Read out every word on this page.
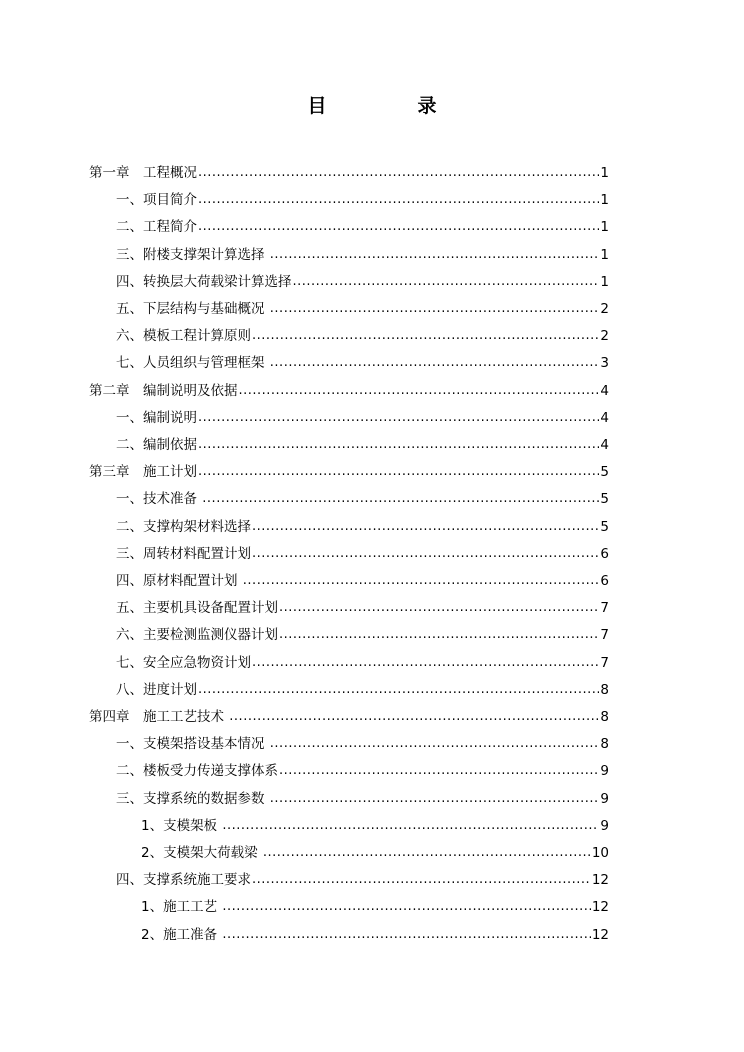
目　录
第一章　工程概况 .....	1
一、项目简介 .....	1
二、工程简介 .....	1
三、附楼支撑架计算选择 .....	1
四、转换层大荷载梁计算选择 .....	1
五、下层结构与基础概况 .....	2
六、模板工程计算原则 .....	2
七、人员组织与管理框架 .....	3
第二章　编制说明及依据 .....	4
一、编制说明 .....	4
二、编制依据 .....	4
第三章　施工计划 .....	5
一、技术准备 .....	5
二、支撑构架材料选择 .....	5
三、周转材料配置计划 .....	6
四、原材料配置计划 .....	6
五、主要机具设备配置计划 .....	7
六、主要检测监测仪器计划 .....	7
七、安全应急物资计划 .....	7
八、进度计划 .....	8
第四章　施工工艺技术 .....	8
一、支模架搭设基本情况 .....	8
二、楼板受力传递支撑体系 .....	9
三、支撑系统的数据参数 .....	9
1、支模架板 .....	9
2、支模架大荷载梁 .....	10
四、支撑系统施工要求 .....	12
1、施工工艺 .....	12
2、施工准备 .....	12
